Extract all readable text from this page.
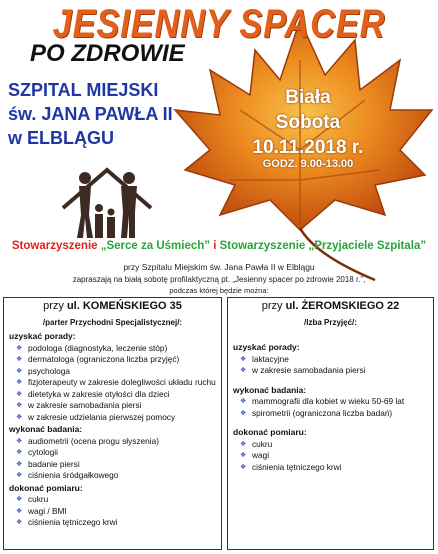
JESIENNY SPACER
PO ZDROWIE
SZPITAL MIEJSKI
św. JANA PAWŁA II
w ELBLĄGU
Biała
Sobota
10.11.2018 r.
GODZ. 9.00-13.00
Stowarzyszenie „Serce za Uśmiech” i Stowarzyszenie „Przyjaciele Szpitala”
przy Szpitalu Miejskim św. Jana Pawła II w Elblągu
zapraszają na białą sobotę profilaktyczną pt. „Jesienny spacer po zdrowie 2018 r.”,
podczas której będzie można:
przy ul. KOMEŃSKIEGO 35
/parter Przychodni Specjalistycznej/:
uzyskać porady:
❖ podologa (diagnostyka, leczenie stóp)
❖ dermatologa (ograniczona liczba przyjęć)
❖ psychologa
❖ fizjoterapeuty w zakresie dolegliwości układu ruchu
❖ dietetyka w zakresie otyłości dla dzieci
❖ w zakresie samobadania piersi
❖ w zakresie udzielania pierwszej pomocy
wykonać badania:
❖ audiometrii (ocena progu słyszenia)
❖ cytologii
❖ badanie piersi
❖ ciśnienia śródgałkowego
dokonać pomiaru:
❖ cukru
❖ wagi / BMI
❖ ciśnienia tętniczego krwi
przy ul. ŻEROMSKIEGO 22
/Izba Przyjęć/:
uzyskać porady:
❖ laktacyjne
❖ w zakresie samobadania piersi
wykonać badania:
❖ mammografii dla kobiet w wieku 50-69 lat
❖ spirometrii (ograniczona liczba badań)
dokonać pomiaru:
❖ cukru
❖ wagi
❖ ciśnienia tętniczego krwi
